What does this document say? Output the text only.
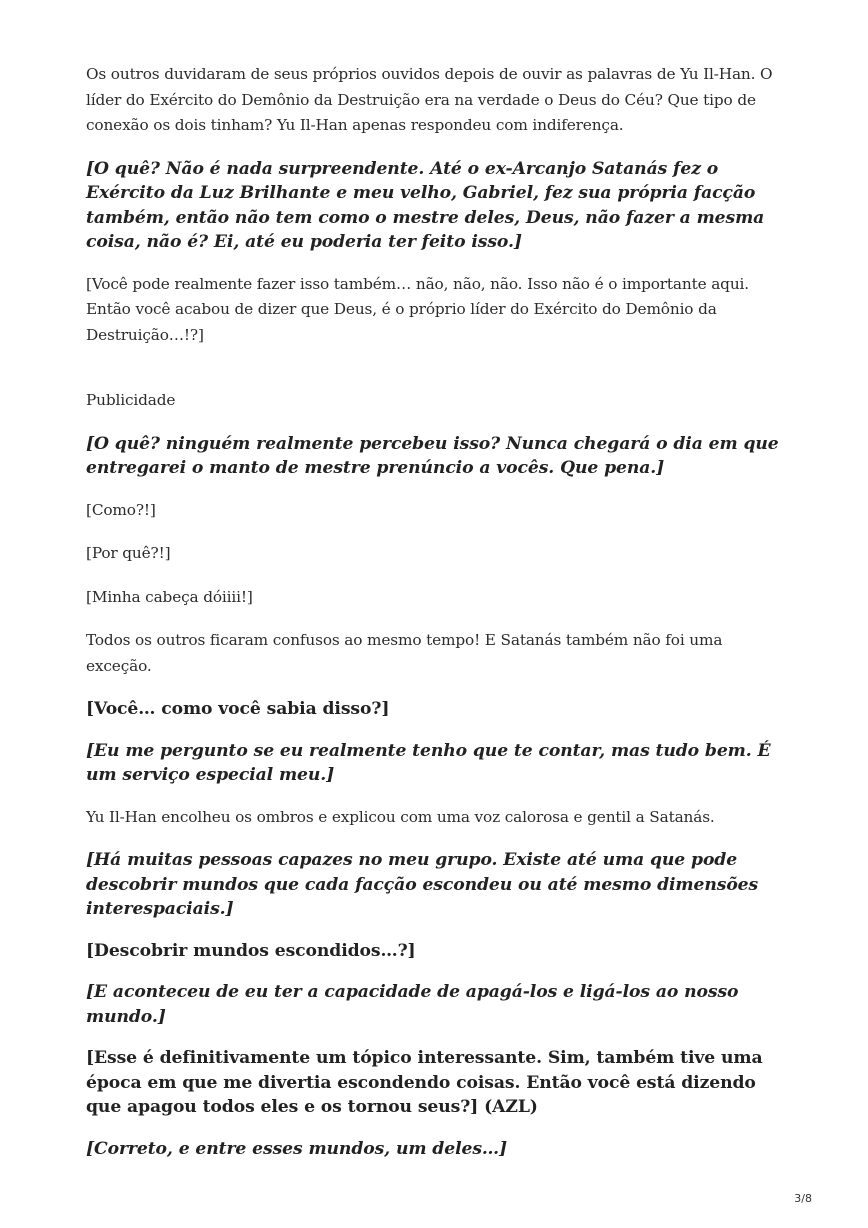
Os outros duvidaram de seus próprios ouvidos depois de ouvir as palavras de Yu Il-Han. O líder do Exército do Demônio da Destruição era na verdade o Deus do Céu? Que tipo de conexão os dois tinham? Yu Il-Han apenas respondeu com indiferença.

[O quê? Não é nada surpreendente. Até o ex-Arcanjo Satanás fez o Exército da Luz Brilhante e meu velho, Gabriel, fez sua própria facção também, então não tem como o mestre deles, Deus, não fazer a mesma coisa, não é? Ei, até eu poderia ter feito isso.]

[Você pode realmente fazer isso também… não, não, não. Isso não é o importante aqui. Então você acabou de dizer que Deus, é o próprio líder do Exército do Demônio da Destruição…!?]

Publicidade

[O quê? ninguém realmente percebeu isso? Nunca chegará o dia em que entregarei o manto de mestre prenúncio a vocês. Que pena.]

[Como?!]

[Por quê?!]

[Minha cabeça dóiiii!]

Todos os outros ficaram confusos ao mesmo tempo! E Satanás também não foi uma exceção.

[Você… como você sabia disso?]

[Eu me pergunto se eu realmente tenho que te contar, mas tudo bem. É um serviço especial meu.]

Yu Il-Han encolheu os ombros e explicou com uma voz calorosa e gentil a Satanás.

[Há muitas pessoas capazes no meu grupo. Existe até uma que pode descobrir mundos que cada facção escondeu ou até mesmo dimensões interespaciais.]

[Descobrir mundos escondidos…?]

[E aconteceu de eu ter a capacidade de apagá-los e ligá-los ao nosso mundo.]

[Esse é definitivamente um tópico interessante. Sim, também tive uma época em que me divertia escondendo coisas. Então você está dizendo que apagou todos eles e os tornou seus?] (AZL)

[Correto, e entre esses mundos, um deles…]

3/8
